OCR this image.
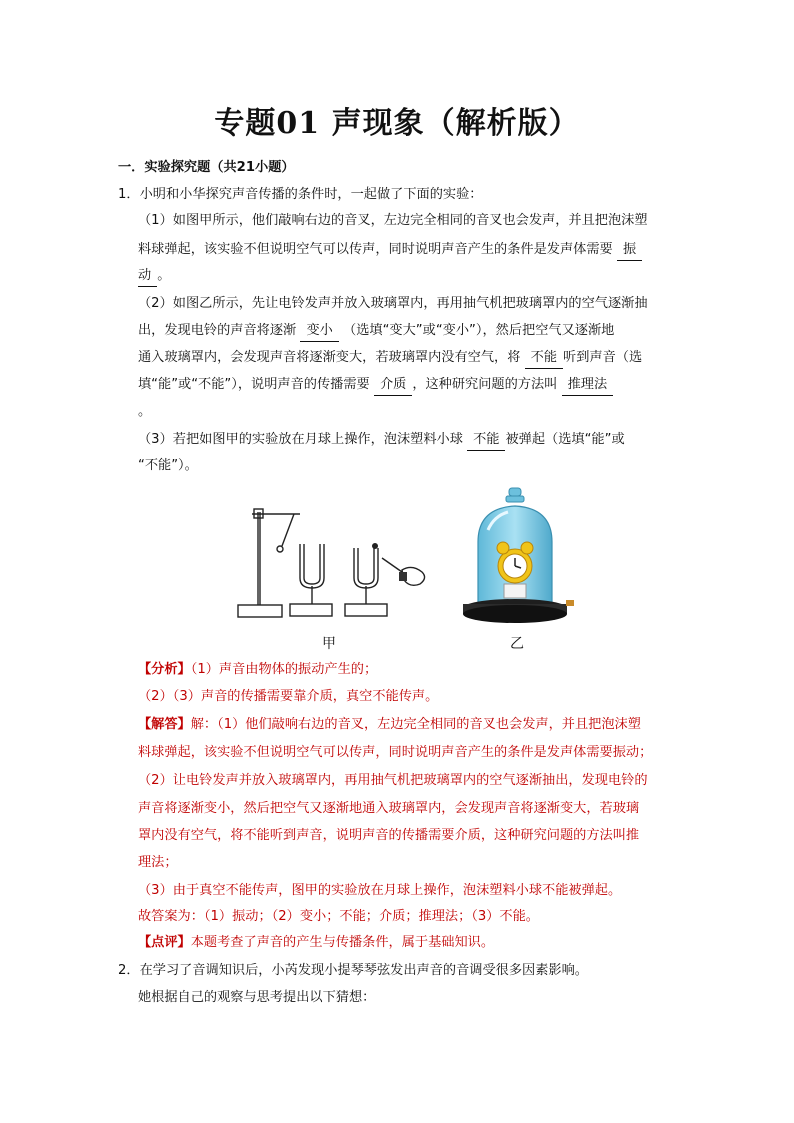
专题01 声现象（解析版）
一．实验探究题（共21小题）
1．小明和小华探究声音传播的条件时，一起做了下面的实验：
（1）如图甲所示，他们敲响右边的音叉，左边完全相同的音叉也会发声，并且把泡沫塑
料球弹起，该实验不但说明空气可以传声，同时说明声音产生的条件是发声体需要 振
动 。
（2）如图乙所示，先让电铃发声并放入玻璃罩内，再用抽气机把玻璃罩内的空气逐渐抽
出，发现电铃的声音将逐渐 变小 （选填“变大”或“变小”），然后把空气又逐渐地
通入玻璃罩内，会发现声音将逐渐变大，若玻璃罩内没有空气，将 不能 听到声音（选
填“能”或“不能”），说明声音的传播需要 介质 ，这种研究问题的方法叫 推理法
。
（3）若把如图甲的实验放在月球上操作，泡沫塑料小球 不能 被弹起（选填“能”或
“不能”）。
甲	乙
【分析】（1）声音由物体的振动产生的；
（2）（3）声音的传播需要靠介质，真空不能传声。
【解答】解：（1）他们敲响右边的音叉，左边完全相同的音叉也会发声，并且把泡沫塑
料球弹起，该实验不但说明空气可以传声，同时说明声音产生的条件是发声体需要振动；
（2）让电铃发声并放入玻璃罩内，再用抽气机把玻璃罩内的空气逐渐抽出，发现电铃的
声音将逐渐变小，然后把空气又逐渐地通入玻璃罩内，会发现声音将逐渐变大，若玻璃
罩内没有空气，将不能听到声音，说明声音的传播需要介质，这种研究问题的方法叫推
理法；
（3）由于真空不能传声，图甲的实验放在月球上操作，泡沫塑料小球不能被弹起。
故答案为：（1）振动；（2）变小；不能；介质；推理法；（3）不能。
【点评】本题考查了声音的产生与传播条件，属于基础知识。
2．在学习了音调知识后，小芮发现小提琴琴弦发出声音的音调受很多因素影响。
她根据自己的观察与思考提出以下猜想：
